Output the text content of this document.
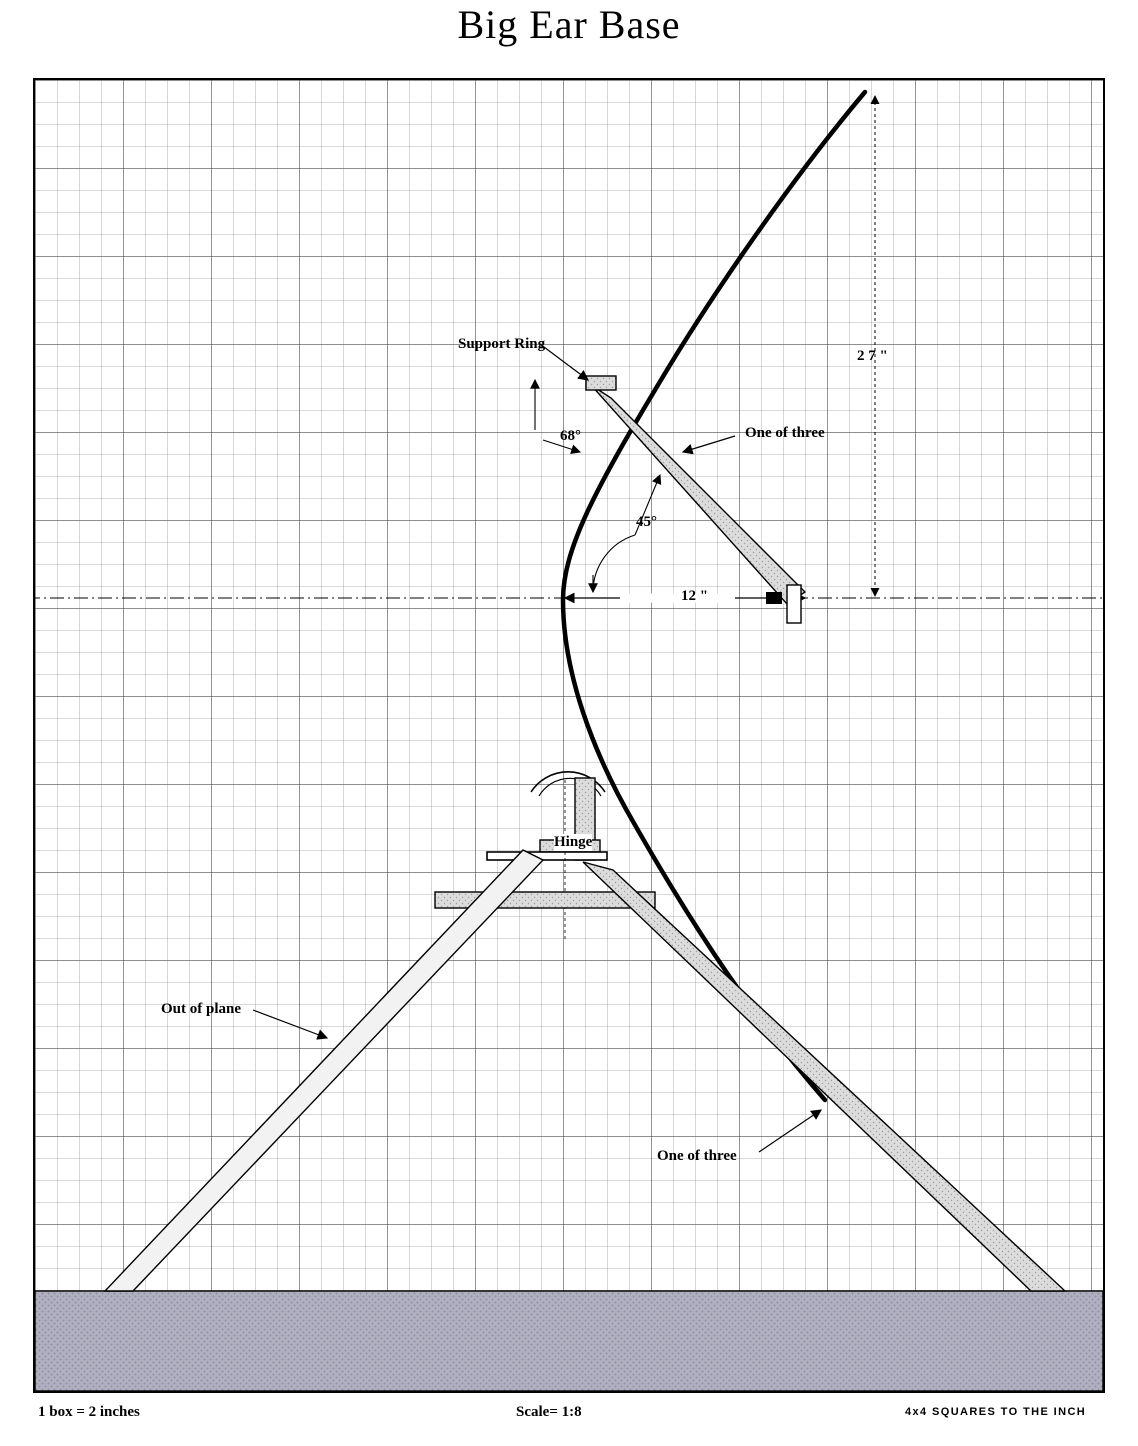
Big Ear Base
Support Ring
68°	One of three
45°
2 7 "
12 "
Hinge
Out of plane
One of three
1 box = 2 inches	Scale= 1:8	4x4 SQUARES TO THE INCH
